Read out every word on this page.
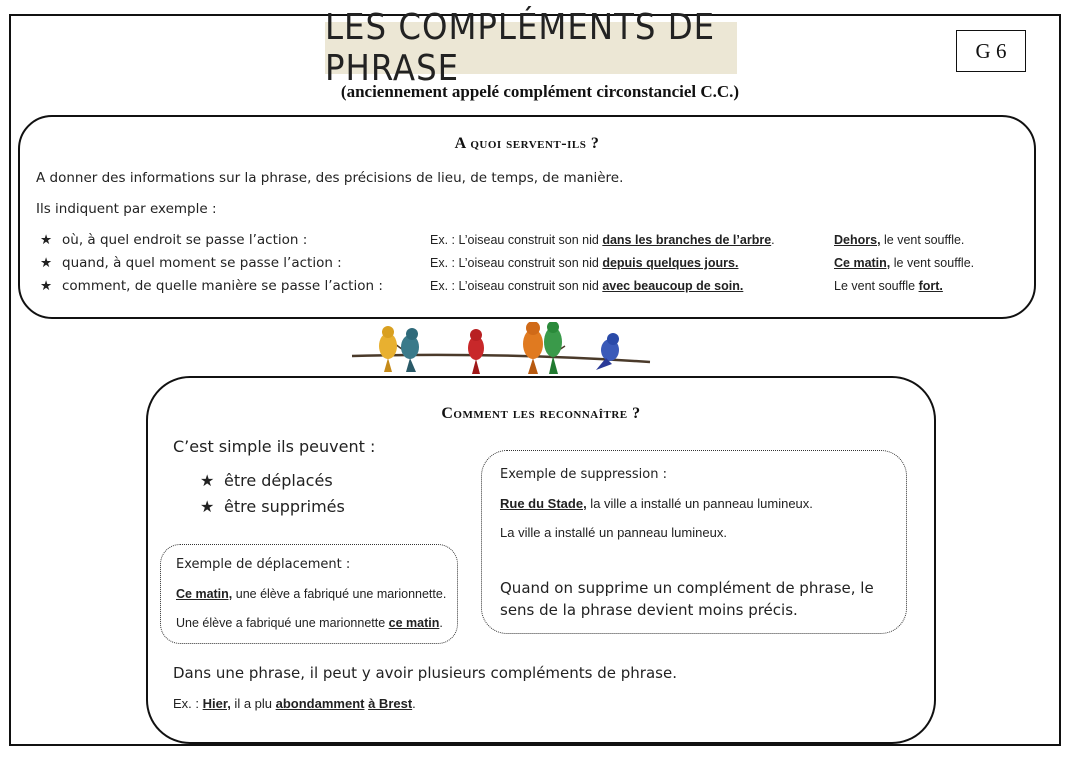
LES COMPLÉMENTS DE PHRASE	G 6
(anciennement appelé complément circonstanciel C.C.)
A quoi servent-ils ?
A donner des informations sur la phrase, des précisions de lieu, de temps, de manière.
Ils indiquent par exemple :
★ où, à quel endroit se passe l’action :	Ex. : L’oiseau construit son nid dans les branches de l’arbre.	Dehors, le vent souffle.
★ quand, à quel moment se passe l’action :	Ex. : L’oiseau construit son nid depuis quelques jours.	Ce matin, le vent souffle.
★ comment, de quelle manière se passe l’action :	Ex. : L’oiseau construit son nid avec beaucoup de soin.	Le vent souffle fort.
Comment les reconnaître ?
C’est simple ils peuvent :
★ être déplacés
★ être supprimés
Exemple de suppression :
Rue du Stade, la ville a installé un panneau lumineux.
La ville a installé un panneau lumineux.
Quand on supprime un complément de phrase, le sens de la phrase devient moins précis.
Exemple de déplacement :
Ce matin, une élève a fabriqué une marionnette.
Une élève a fabriqué une marionnette ce matin.
Dans une phrase, il peut y avoir plusieurs compléments de phrase.
Ex. : Hier, il a plu abondamment à Brest.
